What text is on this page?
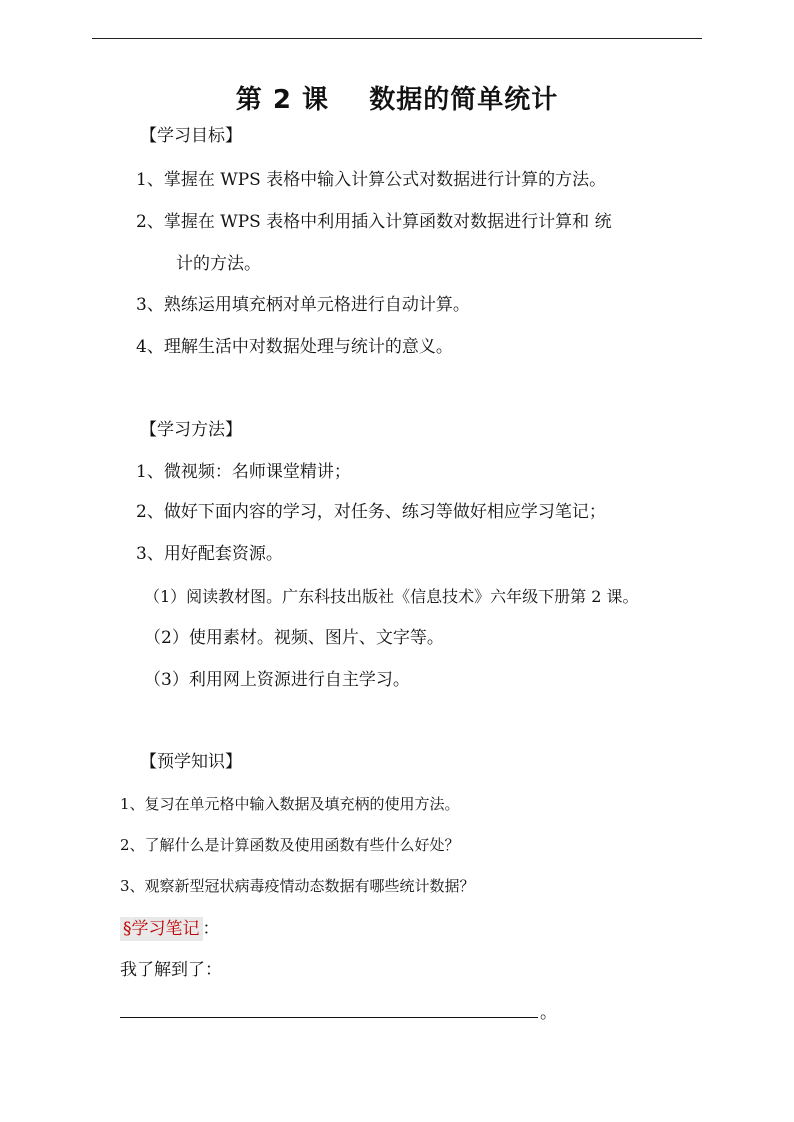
第 2 课    数据的简单统计
【学习目标】
1、掌握在 WPS 表格中输入计算公式对数据进行计算的方法。
2、掌握在 WPS 表格中利用插入计算函数对数据进行计算和 统
计的方法。
3、熟练运用填充柄对单元格进行自动计算。
4、理解生活中对数据处理与统计的意义。
【学习方法】
1、微视频：名师课堂精讲；
2、做好下面内容的学习，对任务、练习等做好相应学习笔记；
3、用好配套资源。
（1）阅读教材图。广东科技出版社《信息技术》六年级下册第 2 课。
（2）使用素材。视频、图片、文字等。
（3）利用网上资源进行自主学习。
【预学知识】
1、复习在单元格中输入数据及填充柄的使用方法。
2、了解什么是计算函数及使用函数有些什么好处？
3、观察新型冠状病毒疫情动态数据有哪些统计数据？
§学习笔记 ：
我了解到了：
。
